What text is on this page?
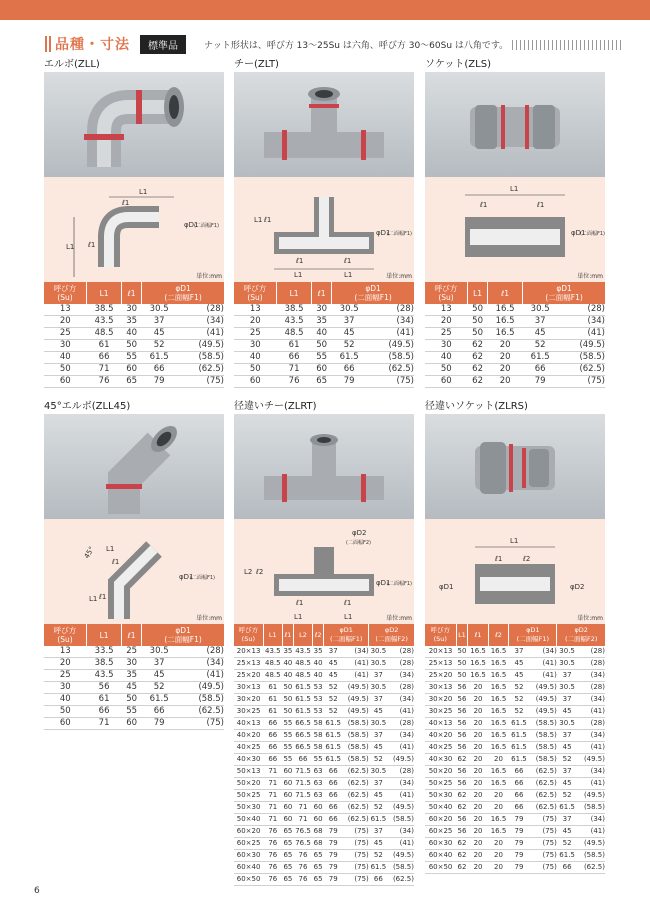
品種・寸法	標準品	ナット形状は、呼び方 13〜25Su は六角、呼び方 30〜60Su は八角です。
エルボ(ZLL)
L1
L1
ℓ1
ℓ1
φD1
(二面幅F1)
単位:mm
呼び方
(Su)	L1	ℓ1	φD1
(二面幅F1)	
13	38.5	30	30.5	(28)
20	43.5	35	37	(34)
25	48.5	40	45	(41)
30	61	50	52	(49.5)
40	66	55	61.5	(58.5)
50	71	60	66	(62.5)
60	76	65	79	(75)
チー(ZLT)
L1	L1
ℓ1	ℓ1
L1 ℓ1
φD1
(二面幅F1)
単位:mm
呼び方
(Su)	L1	ℓ1	φD1
(二面幅F1)	
13	38.5	30	30.5	(28)
20	43.5	35	37	(34)
25	48.5	40	45	(41)
30	61	50	52	(49.5)
40	66	55	61.5	(58.5)
50	71	60	66	(62.5)
60	76	65	79	(75)
ソケット(ZLS)
L1
ℓ1	ℓ1
φD1
(二面幅F1)
単位:mm
呼び方
(Su)	L1	ℓ1	φD1
(二面幅F1)	
13	50	16.5	30.5	(28)
20	50	16.5	37	(34)
25	50	16.5	45	(41)
30	62	20	52	(49.5)
40	62	20	61.5	(58.5)
50	62	20	66	(62.5)
60	62	20	79	(75)
45°エルボ(ZLL45)
45° L1
ℓ1
L1 ℓ1
φD1
(二面幅F1)
単位:mm
呼び方
(Su)	L1	ℓ1	φD1
(二面幅F1)	
13	33.5	25	30.5	(28)
20	38.5	30	37	(34)
25	43.5	35	45	(41)
30	56	45	52	(49.5)
40	61	50	61.5	(58.5)
50	66	55	66	(62.5)
60	71	60	79	(75)
径違いチー(ZLRT)
φD2
(二面幅F2)
L2 ℓ2
L1	L1
ℓ1	ℓ1
φD1
(二面幅F1)
単位:mm
呼び方
(Su)	L1	ℓ1	L2	ℓ2	φD1
(二面幅F1)		φD2
(二面幅F2)	
20×13	43.5	35	43.5	35	37	(34)	30.5	(28)
25×13	48.5	40	48.5	40	45	(41)	30.5	(28)
25×20	48.5	40	48.5	40	45	(41)	37	(34)
30×13	61	50	61.5	53	52	(49.5)	30.5	(28)
30×20	61	50	61.5	53	52	(49.5)	37	(34)
30×25	61	50	61.5	53	52	(49.5)	45	(41)
40×13	66	55	66.5	58	61.5	(58.5)	30.5	(28)
40×20	66	55	66.5	58	61.5	(58.5)	37	(34)
40×25	66	55	66.5	58	61.5	(58.5)	45	(41)
40×30	66	55	66	55	61.5	(58.5)	52	(49.5)
50×13	71	60	71.5	63	66	(62.5)	30.5	(28)
50×20	71	60	71.5	63	66	(62.5)	37	(34)
50×25	71	60	71.5	63	66	(62.5)	45	(41)
50×30	71	60	71	60	66	(62.5)	52	(49.5)
50×40	71	60	71	60	66	(62.5)	61.5	(58.5)
60×20	76	65	76.5	68	79	(75)	37	(34)
60×25	76	65	76.5	68	79	(75)	45	(41)
60×30	76	65	76	65	79	(75)	52	(49.5)
60×40	76	65	76	65	79	(75)	61.5	(58.5)
60×50	76	65	76	65	79	(75)	66	(62.5)
径違いソケット(ZLRS)
L1
ℓ1	ℓ2
φD1	φD2
単位:mm
呼び方
(Su)	L1	ℓ1	ℓ2	φD1
(二面幅F1)		φD2
(二面幅F2)	
20×13	50	16.5	16.5	37	(34)	30.5	(28)
25×13	50	16.5	16.5	45	(41)	30.5	(28)
25×20	50	16.5	16.5	45	(41)	37	(34)
30×13	56	20	16.5	52	(49.5)	30.5	(28)
30×20	56	20	16.5	52	(49.5)	37	(34)
30×25	56	20	16.5	52	(49.5)	45	(41)
40×13	56	20	16.5	61.5	(58.5)	30.5	(28)
40×20	56	20	16.5	61.5	(58.5)	37	(34)
40×25	56	20	16.5	61.5	(58.5)	45	(41)
40×30	62	20	20	61.5	(58.5)	52	(49.5)
50×20	56	20	16.5	66	(62.5)	37	(34)
50×25	56	20	16.5	66	(62.5)	45	(41)
50×30	62	20	20	66	(62.5)	52	(49.5)
50×40	62	20	20	66	(62.5)	61.5	(58.5)
60×20	56	20	16.5	79	(75)	37	(34)
60×25	56	20	16.5	79	(75)	45	(41)
60×30	62	20	20	79	(75)	52	(49.5)
60×40	62	20	20	79	(75)	61.5	(58.5)
60×50	62	20	20	79	(75)	66	(62.5)
6
